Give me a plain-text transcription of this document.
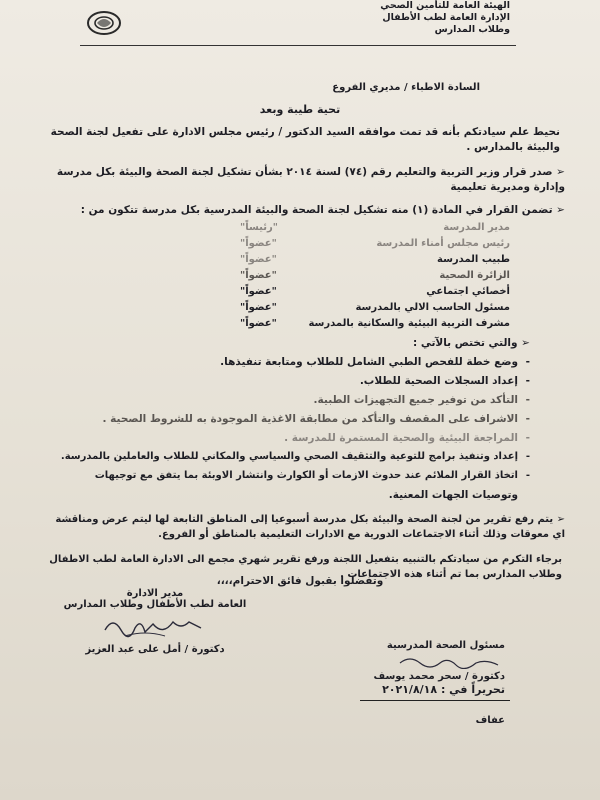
الهيئة العامة للتأمين الصحي
الإدارة العامة لطب الأطفال
وطلاب المدارس
السادة الاطباء / مديري الفروع
تحية طيبة وبعد
نحيط علم سيادتكم بأنه قد تمت موافقه السيد الدكتور / رئيس مجلس الادارة على تفعيل لجنة الصحة والبيئة بالمدارس .
➢ صدر قرار وزير التربية والتعليم رقم (٧٤) لسنة ٢٠١٤ بشأن تشكيل لجنة الصحة والبيئة بكل مدرسة وإدارة ومديرية تعليمية
➢ تضمن القرار في المادة (١) منه تشكيل لجنة الصحة والبيئة المدرسية بكل مدرسة تتكون من :
مدير المدرسة
"رئيساً"
رئيس مجلس أمناء المدرسة
"عضواً"
طبيب المدرسة
"عضواً"
الزائرة الصحية
"عضواً"
أخصائي اجتماعي
"عضواً"
مسئول الحاسب الالي بالمدرسة
"عضواً"
مشرف التربية البيئية والسكانية بالمدرسة
"عضواً"
➢ والتي تختص بالآتي :
-وضع خطة للفحص الطبي الشامل للطلاب ومتابعة تنفيذها.
-إعداد السجلات الصحية للطلاب.
-التأكد من توفير جميع التجهيزات الطبية.
-الاشراف على المقصف والتأكد من مطابقة الاغذية الموجودة به للشروط الصحية .
-المراجعة البيئية والصحية المستمرة للمدرسة .
-إعداد وتنفيذ برامج للتوعية والتثقيف الصحي والسياسي والمكاني للطلاب والعاملين بالمدرسة.
-اتخاذ القرار الملائم عند حدوث الازمات أو الكوارث وانتشار الاوبئة بما يتفق مع توجيهات
وتوصيات الجهات المعنية.
➢ يتم رفع تقرير من لجنة الصحة والبيئة بكل مدرسة أسبوعيا إلى المناطق التابعة لها ليتم عرض ومناقشة
اي معوقات وذلك أثناء الاجتماعات الدورية مع الادارات التعليمية بالمناطق أو الفروع.
برجاء التكرم من سيادتكم بالتنبيه بتفعيل اللجنة ورفع تقرير شهري مجمع الى الادارة العامة لطب الاطفال
وطلاب المدارس بما تم أثناء هذه الاجتماعات .
وتفضلوا بقبول فائق الاحترام،،،،
مدير الادارة
العامة لطب الأطفال وطلاب المدارس
دكتورة / أمل على عبد العزيز	مسئول الصحة المدرسية
دكتورة / سحر محمد يوسف
تحريراً في : ٢٠٢١/٨/١٨
عفاف
